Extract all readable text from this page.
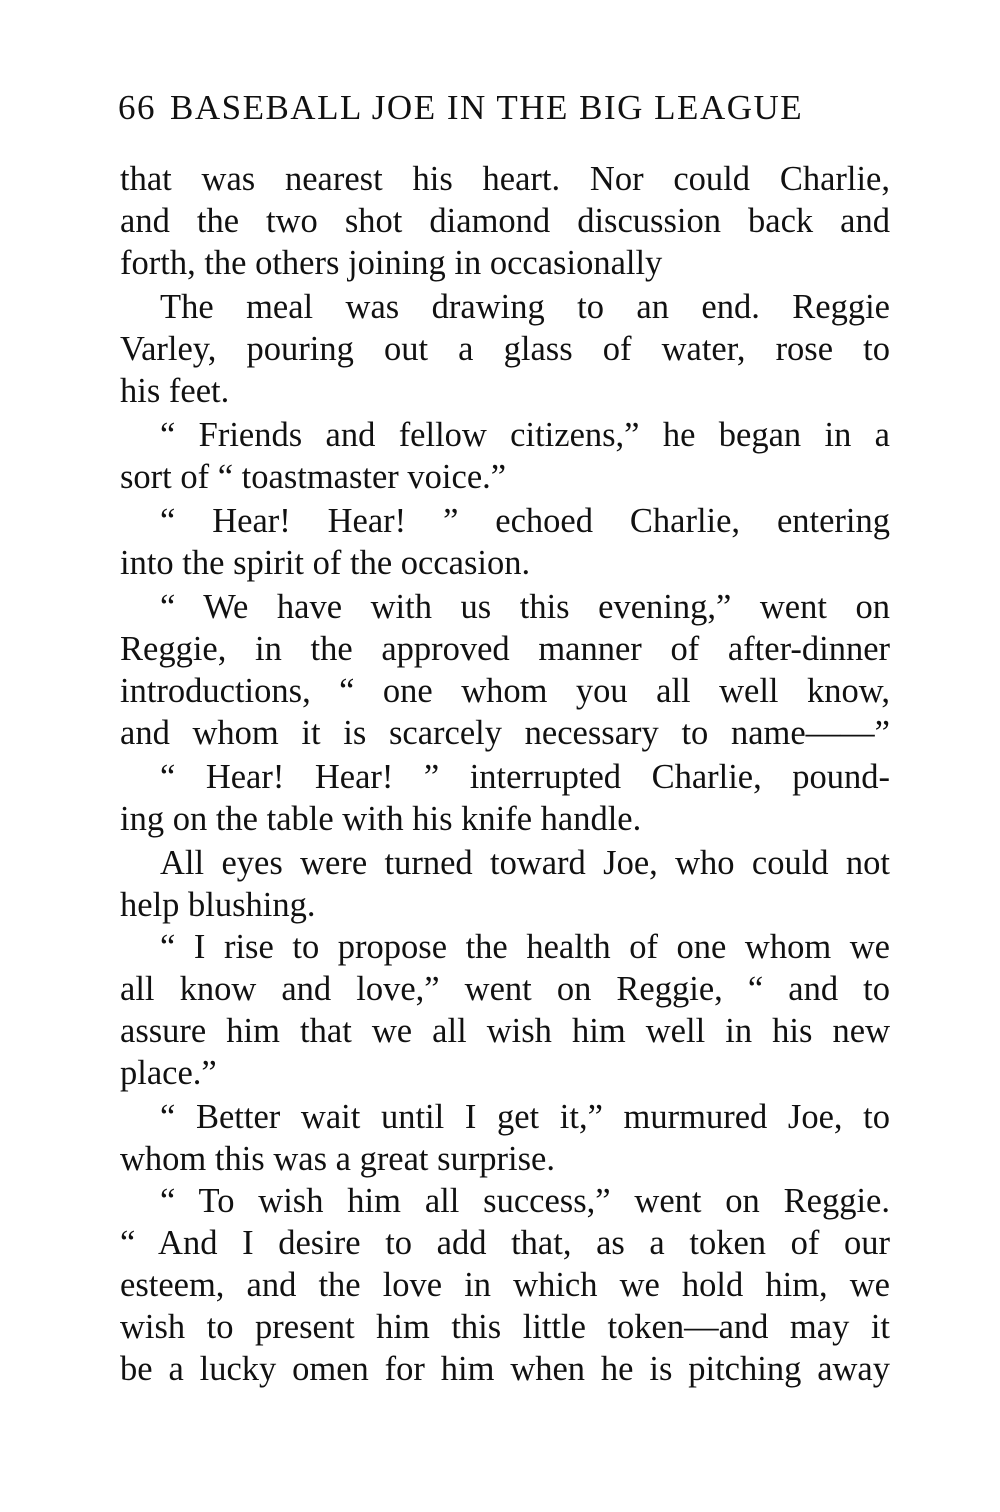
66 BASEBALL JOE IN THE BIG LEAGUE
that was nearest his heart. Nor could Charlie,
and the two shot diamond discussion back and
forth, the others joining in occasionally
The meal was drawing to an end. Reggie
Varley, pouring out a glass of water, rose to
his feet.
“ Friends and fellow citizens,” he began in a
sort of “ toastmaster voice.”
“ Hear! Hear! ” echoed Charlie, entering
into the spirit of the occasion.
“ We have with us this evening,” went on
Reggie, in the approved manner of after-dinner
introductions, “ one whom you all well know,
and whom it is scarcely necessary to name——”
“ Hear! Hear! ” interrupted Charlie, pound-
ing on the table with his knife handle.
All eyes were turned toward Joe, who could not
help blushing.
“ I rise to propose the health of one whom we
all know and love,” went on Reggie, “ and to
assure him that we all wish him well in his new
place.”
“ Better wait until I get it,” murmured Joe, to
whom this was a great surprise.
“ To wish him all success,” went on Reggie.
“ And I desire to add that, as a token of our
esteem, and the love in which we hold him, we
wish to present him this little token—and may it
be a lucky omen for him when he is pitching away
